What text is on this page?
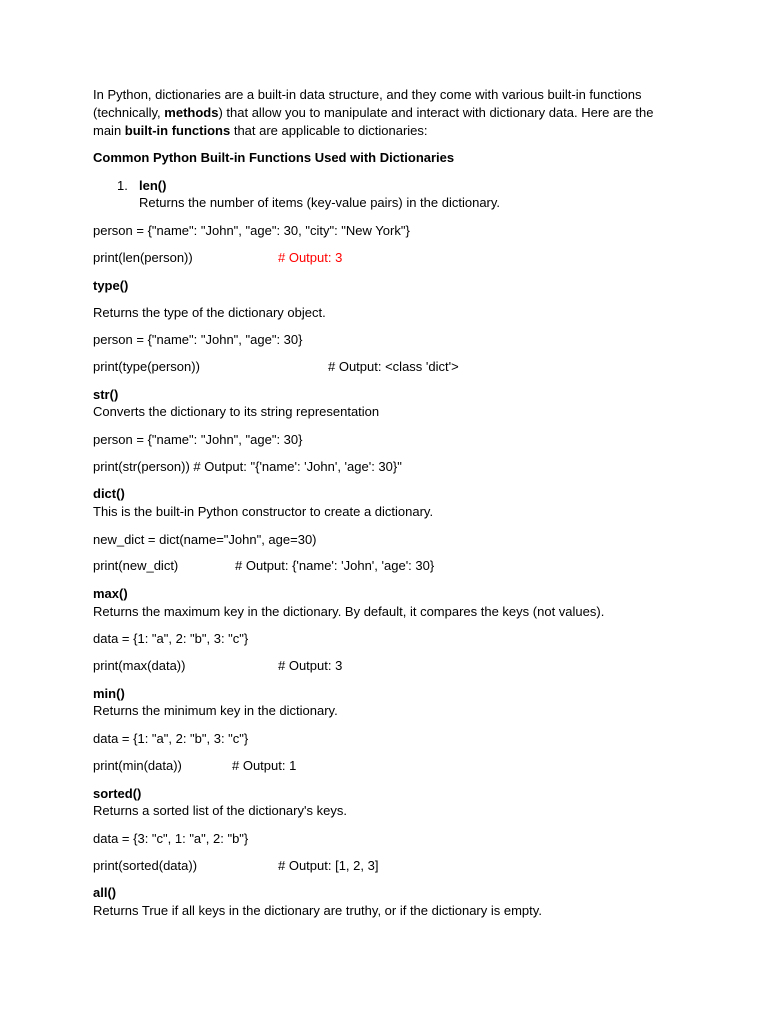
In Python, dictionaries are a built-in data structure, and they come with various built-in functions
(technically, methods) that allow you to manipulate and interact with dictionary data. Here are the
main built-in functions that are applicable to dictionaries:
Common Python Built-in Functions Used with Dictionaries
1. len()
Returns the number of items (key-value pairs) in the dictionary.
person = {"name": "John", "age": 30, "city": "New York"}
print(len(person))	# Output: 3
type()
Returns the type of the dictionary object.
person = {"name": "John", "age": 30}
print(type(person))	# Output: <class 'dict'>
str()
Converts the dictionary to its string representation
person = {"name": "John", "age": 30}
print(str(person)) # Output: "{'name': 'John', 'age': 30}"
dict()
This is the built-in Python constructor to create a dictionary.
new_dict = dict(name="John", age=30)
print(new_dict)	# Output: {'name': 'John', 'age': 30}
max()
Returns the maximum key in the dictionary. By default, it compares the keys (not values).
data = {1: "a", 2: "b", 3: "c"}
print(max(data))	# Output: 3
min()
Returns the minimum key in the dictionary.
data = {1: "a", 2: "b", 3: "c"}
print(min(data))	# Output: 1
sorted()
Returns a sorted list of the dictionary's keys.
data = {3: "c", 1: "a", 2: "b"}
print(sorted(data))	# Output: [1, 2, 3]
all()
Returns True if all keys in the dictionary are truthy, or if the dictionary is empty.
